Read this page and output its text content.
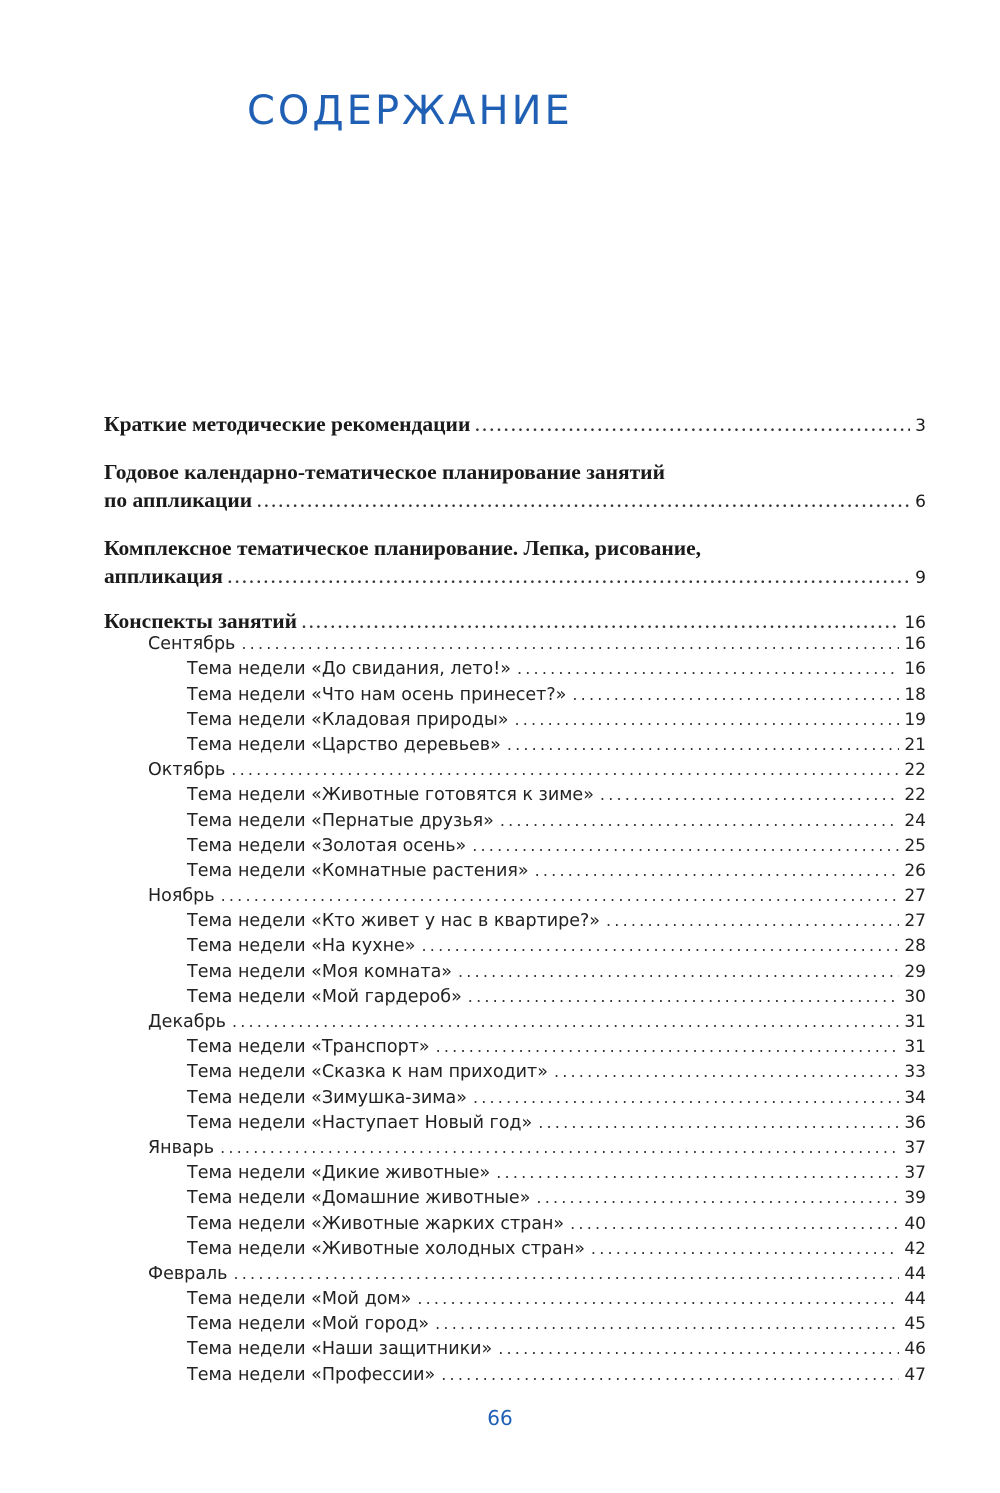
СОДЕРЖАНИЕ
Краткие методические рекомендации .....	3
Годовое календарно-тематическое планирование занятий
по аппликации .....	6
Комплексное тематическое планирование. Лепка, рисование,
аппликация .....	9
Конспекты занятий .....	16
Сентябрь .....	16
Тема недели «До свидания, лето!» .....	16
Тема недели «Что нам осень принесет?» .....	18
Тема недели «Кладовая природы» .....	19
Тема недели «Царство деревьев» .....	21
Октябрь .....	22
Тема недели «Животные готовятся к зиме» .....	22
Тема недели «Пернатые друзья» .....	24
Тема недели «Золотая осень» .....	25
Тема недели «Комнатные растения» .....	26
Ноябрь .....	27
Тема недели «Кто живет у нас в квартире?» .....	27
Тема недели «На кухне» .....	28
Тема недели «Моя комната» .....	29
Тема недели «Мой гардероб» .....	30
Декабрь .....	31
Тема недели «Транспорт» .....	31
Тема недели «Сказка к нам приходит» .....	33
Тема недели «Зимушка-зима» .....	34
Тема недели «Наступает Новый год» .....	36
Январь .....	37
Тема недели «Дикие животные» .....	37
Тема недели «Домашние животные» .....	39
Тема недели «Животные жарких стран» .....	40
Тема недели «Животные холодных стран» .....	42
Февраль .....	44
Тема недели «Мой дом» .....	44
Тема недели «Мой город» .....	45
Тема недели «Наши защитники» .....	46
Тема недели «Профессии» .....	47
66
